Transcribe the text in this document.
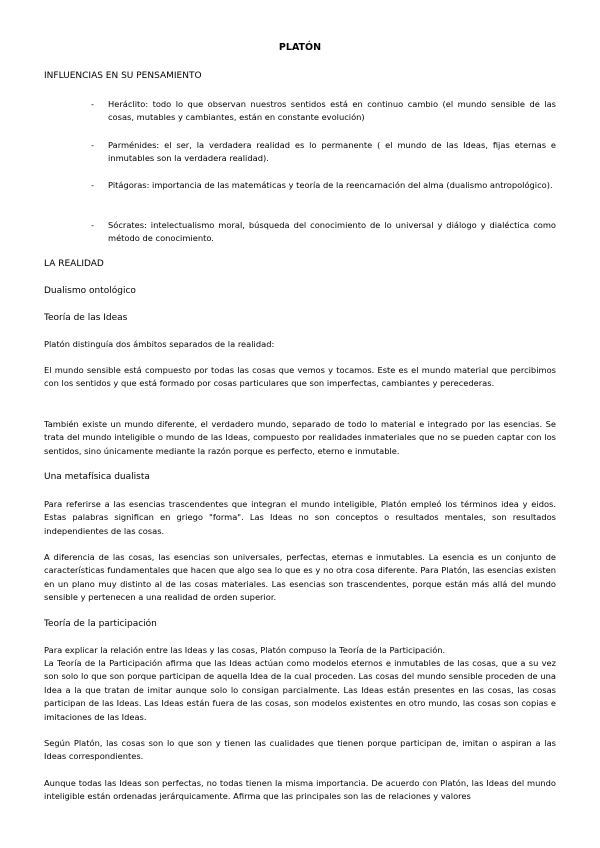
PLATÓN
INFLUENCIAS EN SU PENSAMIENTO
- Heráclito: todo lo que observan nuestros sentidos está en continuo cambio (el mundo sensible de las cosas, mutables y cambiantes, están en constante evolución)
- Parménides: el ser, la verdadera realidad es lo permanente ( el mundo de las Ideas, fijas eternas e inmutables son la verdadera realidad).
- Pitágoras: importancia de las matemáticas y teoría de la reencarnación del alma (dualismo antropológico).
- Sócrates: intelectualismo moral, búsqueda del conocimiento de lo universal y diálogo y dialéctica como método de conocimiento.
LA REALIDAD
Dualismo ontológico
Teoría de las Ideas
Platón distinguía dos ámbitos separados de la realidad:
El mundo sensible está compuesto por todas las cosas que vemos y tocamos. Este es el mundo material que percibimos con los sentidos y que está formado por cosas particulares que son imperfectas, cambiantes y perecederas.
También existe un mundo diferente, el verdadero mundo, separado de todo lo material e integrado por las esencias. Se trata del mundo inteligible o mundo de las Ideas, compuesto por realidades inmateriales que no se pueden captar con los sentidos, sino únicamente mediante la razón porque es perfecto, eterno e inmutable.
Una metafísica dualista
Para referirse a las esencias trascendentes que integran el mundo inteligible, Platón empleó los términos idea y eidos. Estas palabras significan en griego "forma". Las Ideas no son conceptos o resultados mentales, son resultados independientes de las cosas.
A diferencia de las cosas, las esencias son universales, perfectas, eternas e inmutables. La esencia es un conjunto de características fundamentales que hacen que algo sea lo que es y no otra cosa diferente. Para Platón, las esencias existen en un plano muy distinto al de las cosas materiales. Las esencias son trascendentes, porque están más allá del mundo sensible y pertenecen a una realidad de orden superior.
Teoría de la participación
Para explicar la relación entre las Ideas y las cosas, Platón compuso la Teoría de la Participación.
La Teoría de la Participación afirma que las Ideas actúan como modelos eternos e inmutables de las cosas, que a su vez son solo lo que son porque participan de aquella Idea de la cual proceden. Las cosas del mundo sensible proceden de una Idea a la que tratan de imitar aunque solo lo consigan parcialmente. Las Ideas están presentes en las cosas, las cosas participan de las Ideas. Las Ideas están fuera de las cosas, son modelos existentes en otro mundo, las cosas son copias e imitaciones de las Ideas.
Según Platón, las cosas son lo que son y tienen las cualidades que tienen porque participan de, imitan o aspiran a las Ideas correspondientes.
Aunque todas las Ideas son perfectas, no todas tienen la misma importancia. De acuerdo con Platón, las Ideas del mundo inteligible están ordenadas jerárquicamente. Afirma que las principales son las de relaciones y valores
